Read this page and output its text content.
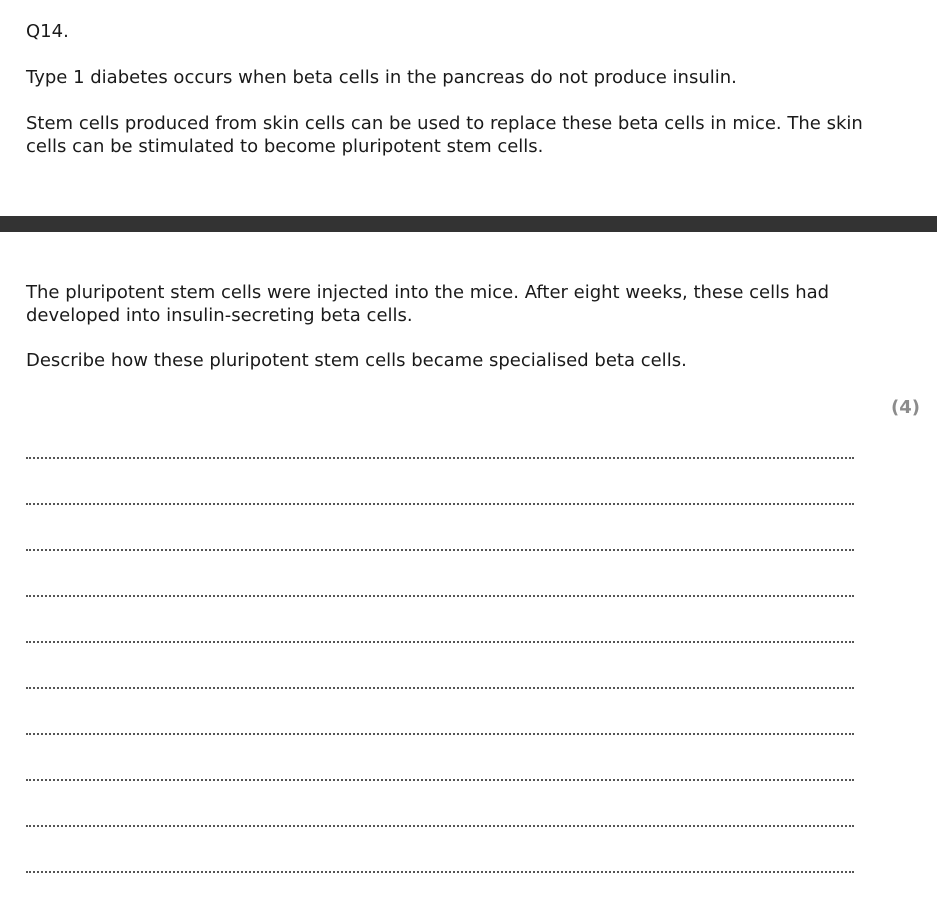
Q14.

Type 1 diabetes occurs when beta cells in the pancreas do not produce insulin.

Stem cells produced from skin cells can be used to replace these beta cells in mice. The skin cells can be stimulated to become pluripotent stem cells.

The pluripotent stem cells were injected into the mice. After eight weeks, these cells had developed into insulin-secreting beta cells.

Describe how these pluripotent stem cells became specialised beta cells.

(4)
